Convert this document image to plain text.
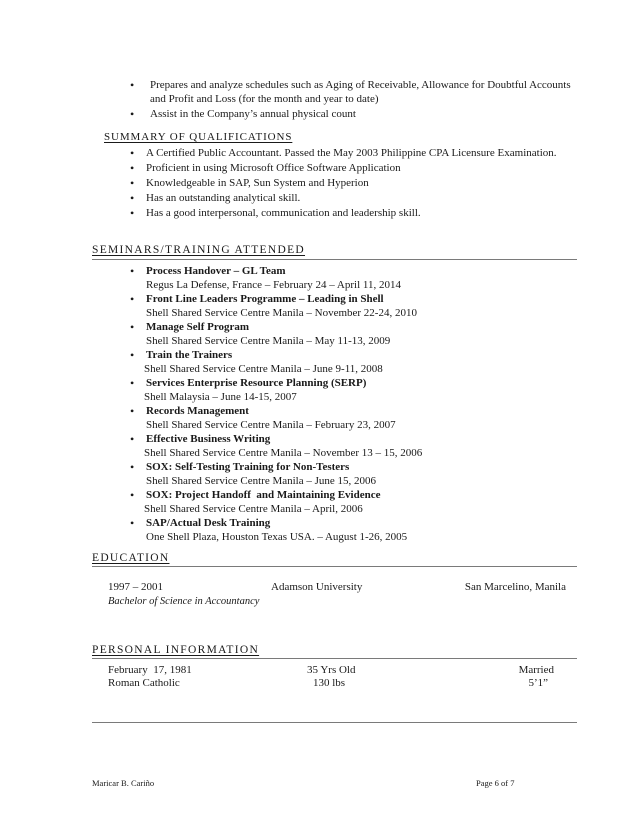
• Prepares and analyze schedules such as Aging of Receivable, Allowance for Doubtful Accounts
and Profit and Loss (for the month and year to date)
• Assist in the Company’s annual physical count
SUMMARY OF QUALIFICATIONS
• A Certified Public Accountant. Passed the May 2003 Philippine CPA Licensure Examination.
• Proficient in using Microsoft Office Software Application
• Knowledgeable in SAP, Sun System and Hyperion
• Has an outstanding analytical skill.
• Has a good interpersonal, communication and leadership skill.
SEMINARS/TRAINING ATTENDED
• Process Handover – GL Team
Regus La Defense, France – February 24 – April 11, 2014
• Front Line Leaders Programme – Leading in Shell
Shell Shared Service Centre Manila – November 22-24, 2010
• Manage Self Program
Shell Shared Service Centre Manila – May 11-13, 2009
• Train the Trainers
Shell Shared Service Centre Manila – June 9-11, 2008
• Services Enterprise Resource Planning (SERP)
Shell Malaysia – June 14-15, 2007
• Records Management
Shell Shared Service Centre Manila – February 23, 2007
• Effective Business Writing
Shell Shared Service Centre Manila – November 13 – 15, 2006
• SOX: Self-Testing Training for Non-Testers
Shell Shared Service Centre Manila – June 15, 2006
• SOX: Project Handoff  and Maintaining Evidence
Shell Shared Service Centre Manila – April, 2006
• SAP/Actual Desk Training
One Shell Plaza, Houston Texas USA. – August 1-26, 2005
EDUCATION
1997 – 2001	Adamson University	San Marcelino, Manila
Bachelor of Science in Accountancy
PERSONAL INFORMATION
February  17, 1981	35 Yrs Old	Married
Roman Catholic	130 lbs	5’1”
Maricar B. Cariño	Page 6 of 7
